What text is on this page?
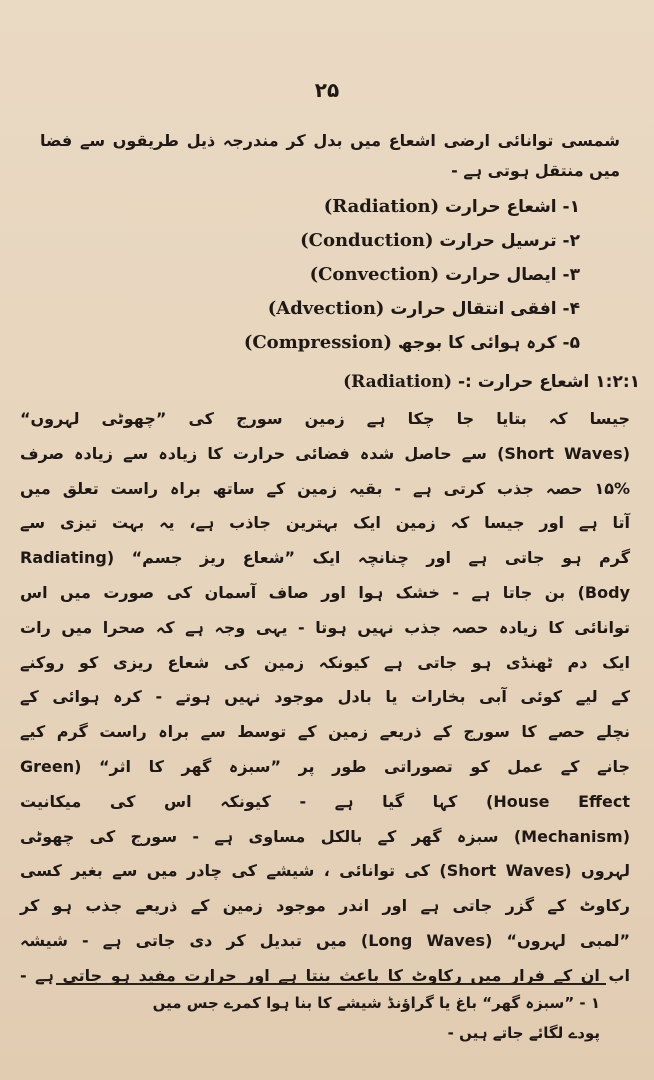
۲۵
شمسی توانائی ارضی اشعاع میں بدل کر مندرجہ ذیل طریقوں سے فضا میں منتقل ہوتی ہے -
۱- اشعاع حرارت (Radiation)
۲- ترسیل حرارت (Conduction)
۳- ایصال حرارت (Convection)
۴- افقی انتقال حرارت (Advection)
۵- کرہ ہوائی کا بوجھ (Compression)
۱:۲:۱ اشعاع حرارت :- (Radiation)
جیسا کہ بتایا جا چکا ہے زمین سورج کی ”چھوٹی لہروں“
(Short Waves) سے حاصل شدہ فضائی حرارت کا زیادہ سے زیادہ صرف
۱۵% حصہ جذب کرتی ہے - بقیہ زمین کے ساتھ براہ راست تعلق میں
آتا ہے اور جیسا کہ زمین ایک بہترین جاذب ہے، یہ بہت تیزی سے
گرم ہو جاتی ہے اور چنانچہ ایک ”شعاع ریز جسم“ (Radiating
Body) بن جاتا ہے - خشک ہوا اور صاف آسمان کی صورت میں اس
توانائی کا زیادہ حصہ جذب نہیں ہوتا - یہی وجہ ہے کہ صحرا میں رات
ایک دم ٹھنڈی ہو جاتی ہے کیونکہ زمین کی شعاع ریزی کو روکنے
کے لیے کوئی آبی بخارات یا بادل موجود نہیں ہوتے - کرہ ہوائی کے
نچلے حصے کا سورج کے ذریعے زمین کے توسط سے براہ راست گرم کیے
جانے کے عمل کو تصوراتی طور پر ”سبزہ گھر کا اثر“ (Green
House Effect) کہا گیا ہے - کیونکہ اس کی میکانیت
(Mechanism) سبزہ گھر کے بالکل مساوی ہے - سورج کی چھوٹی
لہروں (Short Waves) کی توانائی ، شیشے کی چادر میں سے بغیر کسی
رکاوٹ کے گزر جاتی ہے اور اندر موجود زمین کے ذریعے جذب ہو کر
”لمبی لہروں“ (Long Waves) میں تبدیل کر دی جاتی ہے - شیشہ
اب ان کے فرار میں رکاوٹ کا باعث بنتا ہے اور حرارت مفید ہو جاتی ہے -
۱ - ”سبزہ گھر“ باغ یا گراؤنڈ شیشے کا بنا ہوا کمرے جس میں
پودے لگائے جاتے ہیں -
